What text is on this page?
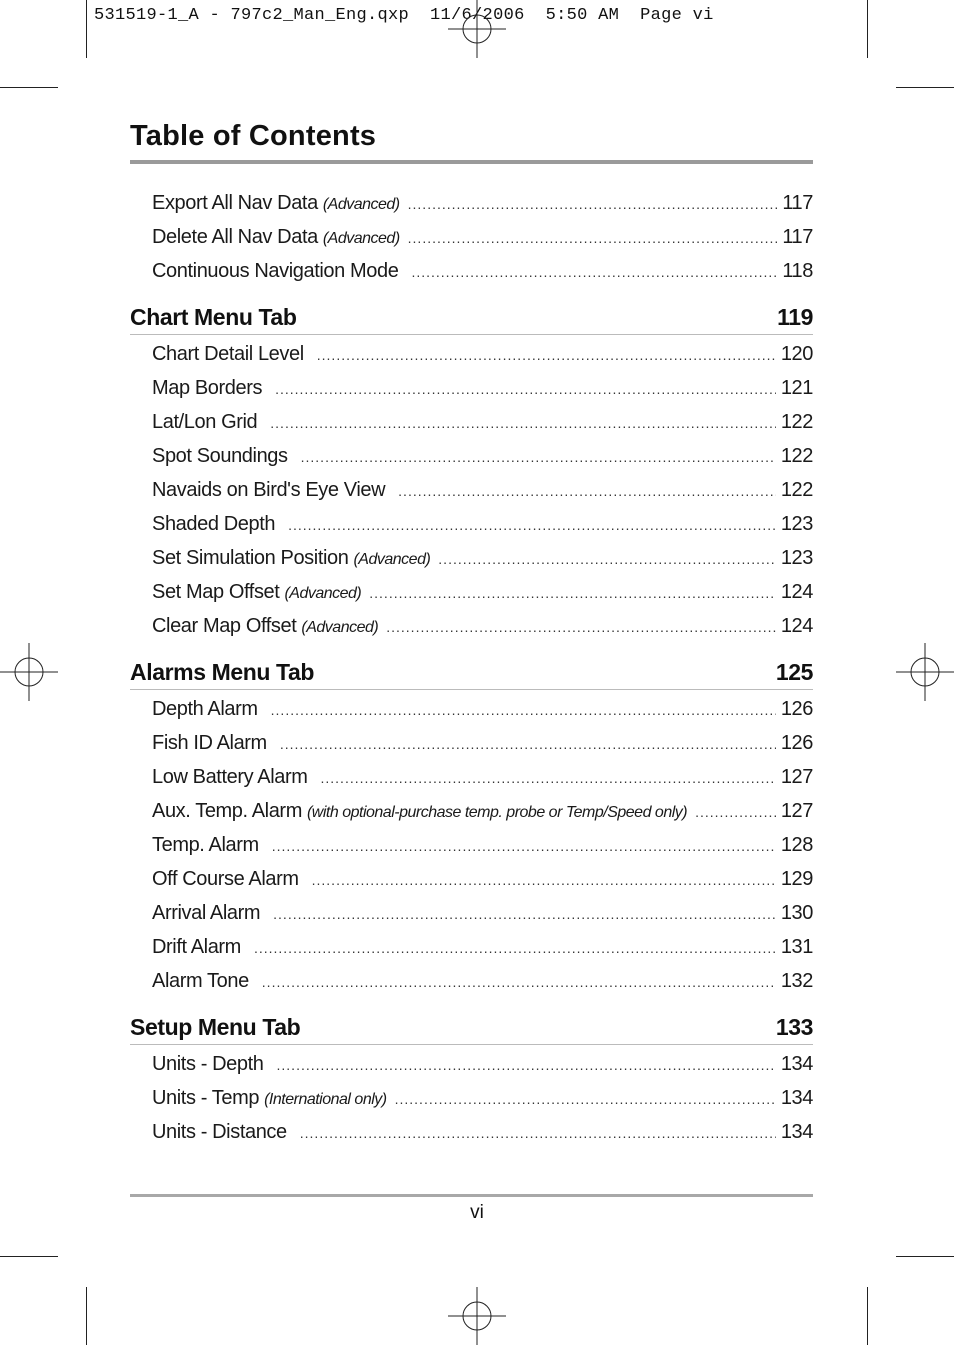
531519-1_A - 797c2_Man_Eng.qxp  11/6/2006  5:50 AM  Page vi
Table of Contents
Export All Nav Data (Advanced) .....	117
Delete All Nav Data (Advanced) .....	117
Continuous Navigation Mode .....	118
Chart Menu Tab	119
Chart Detail Level .....	120
Map Borders .....	121
Lat/Lon Grid .....	122
Spot Soundings .....	122
Navaids on Bird's Eye View .....	122
Shaded Depth .....	123
Set Simulation Position (Advanced) .....	123
Set Map Offset (Advanced) .....	124
Clear Map Offset (Advanced) .....	124
Alarms Menu Tab	125
Depth Alarm .....	126
Fish ID Alarm .....	126
Low Battery Alarm .....	127
Aux. Temp. Alarm (with optional-purchase temp. probe or Temp/Speed only) .....	127
Temp. Alarm .....	128
Off Course Alarm .....	129
Arrival Alarm .....	130
Drift Alarm .....	131
Alarm Tone .....	132
Setup Menu Tab	133
Units - Depth .....	134
Units - Temp (International only) .....	134
Units - Distance .....	134
vi
